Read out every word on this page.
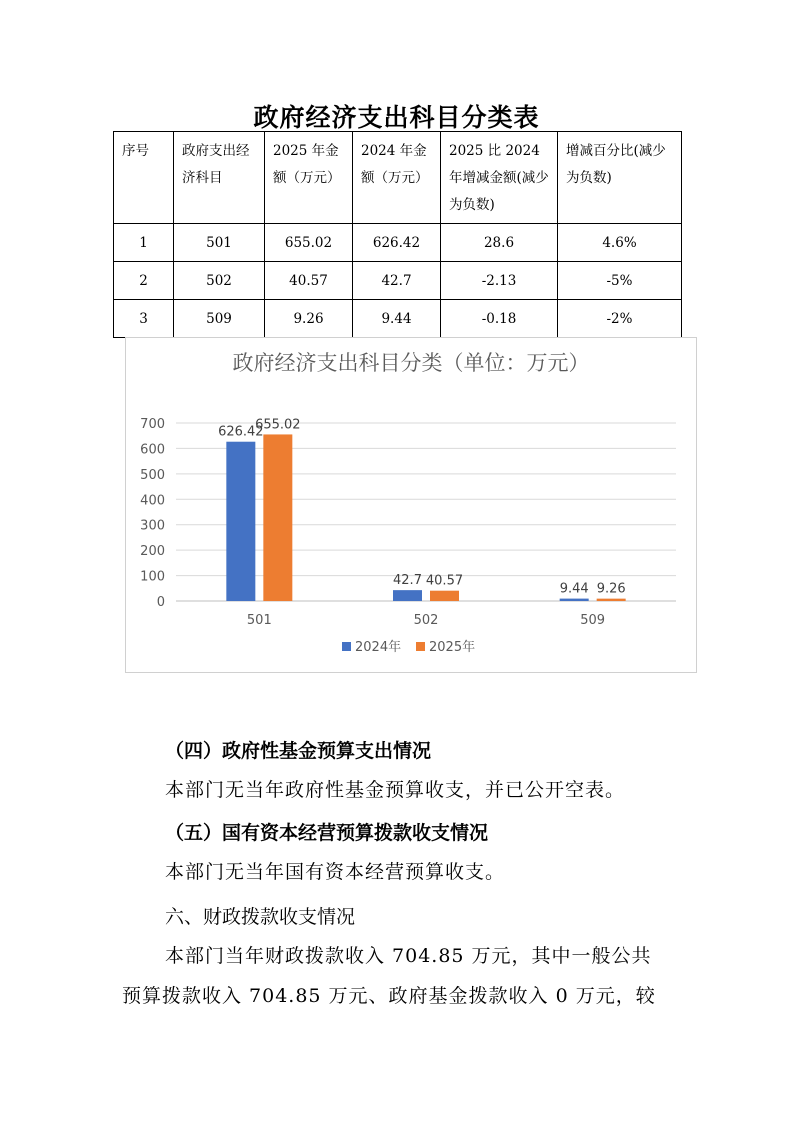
政府经济支出科目分类表
序号	政府支出经济科目	2025 年金额（万元）	2024 年金额（万元）	2025 比 2024 年增减金额(减少为负数)	增减百分比(减少为负数)
1	501	655.02	626.42	28.6	4.6%
2	502	40.57	42.7	-2.13	-5%
3	509	9.26	9.44	-0.18	-2%
政府经济支出科目分类（单位：万元）
0
100
200
300
400
500
600
700
626.42
655.02
501
42.7 40.57
502
9.44 9.26
509
2024年 2025年
（四）政府性基金预算支出情况
本部门无当年政府性基金预算收支，并已公开空表。
（五）国有资本经营预算拨款收支情况
本部门无当年国有资本经营预算收支。
六、财政拨款收支情况
本部门当年财政拨款收入 704.85 万元，其中一般公共
预算拨款收入 704.85 万元、政府基金拨款收入 0 万元，较
